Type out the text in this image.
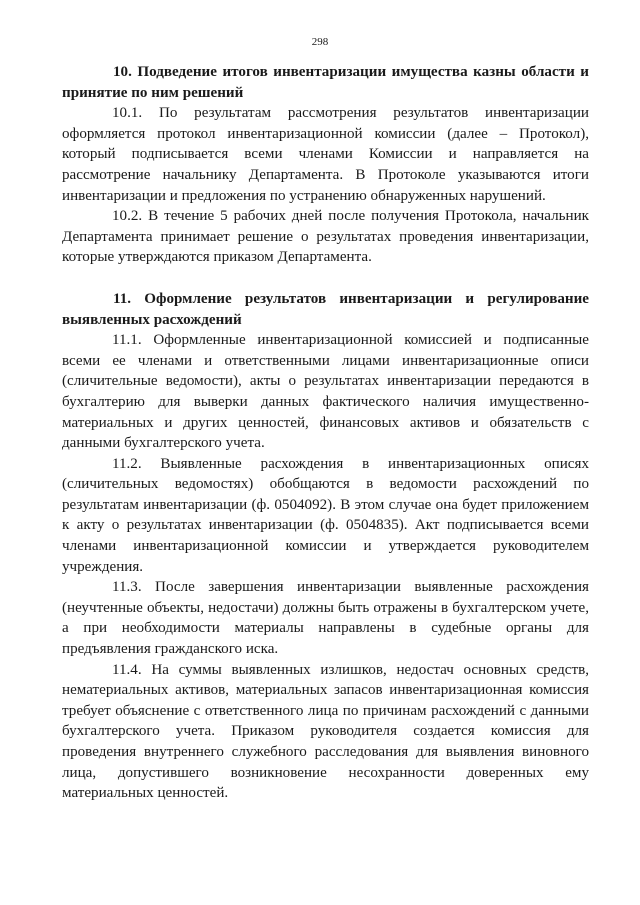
298
10. Подведение итогов инвентаризации имущества казны области и принятие по ним решений

10.1. По результатам рассмотрения результатов инвентаризации оформляется протокол инвентаризационной комиссии (далее – Протокол), который подписывается всеми членами Комиссии и направляется на рассмотрение начальнику Департамента. В Протоколе указываются итоги инвентаризации и предложения по устранению обнаруженных нарушений.

10.2. В течение 5 рабочих дней после получения Протокола, начальник Департамента принимает решение о результатах проведения инвентаризации, которые утверждаются приказом Департамента.

11. Оформление результатов инвентаризации и регулирование выявленных расхождений

11.1. Оформленные инвентаризационной комиссией и подписанные всеми ее членами и ответственными лицами инвентаризационные описи (сличительные ведомости), акты о результатах инвентаризации передаются в бухгалтерию для выверки данных фактического наличия имущественно-материальных и других ценностей, финансовых активов и обязательств с данными бухгалтерского учета.

11.2. Выявленные расхождения в инвентаризационных описях (сличительных ведомостях) обобщаются в ведомости расхождений по результатам инвентаризации (ф. 0504092). В этом случае она будет приложением к акту о результатах инвентаризации (ф. 0504835). Акт подписывается всеми членами инвентаризационной комиссии и утверждается руководителем учреждения.

11.3. После завершения инвентаризации выявленные расхождения (неучтенные объекты, недостачи) должны быть отражены в бухгалтерском учете, а при необходимости материалы направлены в судебные органы для предъявления гражданского иска.

11.4. На суммы выявленных излишков, недостач основных средств, нематериальных активов, материальных запасов инвентаризационная комиссия требует объяснение с ответственного лица по причинам расхождений с данными бухгалтерского учета. Приказом руководителя создается комиссия для проведения внутреннего служебного расследования для выявления виновного лица, допустившего возникновение несохранности доверенных ему материальных ценностей.
